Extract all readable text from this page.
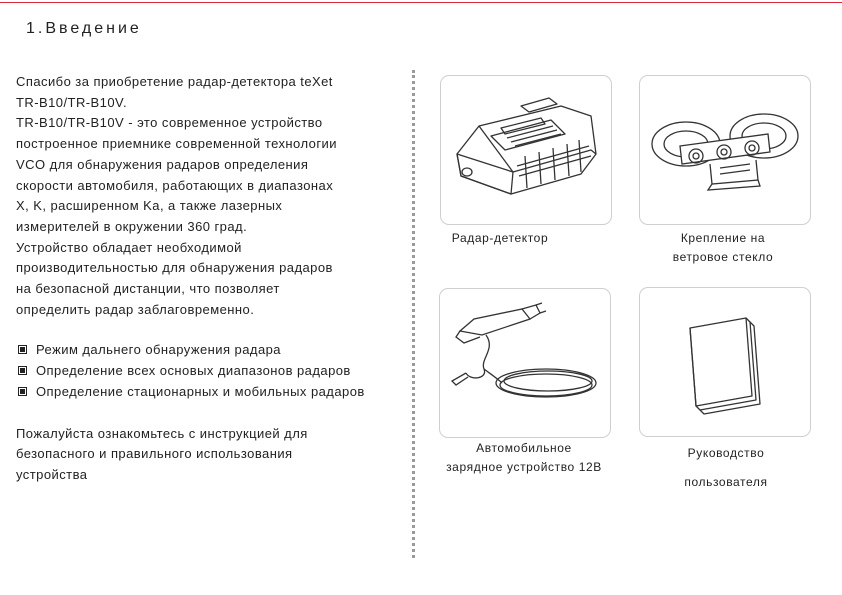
1.Введение

Спасибо за приобретение радар-детектора teXet

TR-B10/TR-B10V.

TR-B10/TR-B10V - это современное устройство

построенное приемнике современной технологии

VCO для обнаружения радаров определения

скорости автомобиля, работающих в диапазонах

X, K, расширенном Ka, а также лазерных

измерителей в окружении 360 град.

Устройство обладает необходимой

производительностью для обнаружения радаров

на безопасной дистанции, что позволяет

определить радар заблаговременно.

Режим дальнего обнаружения радара
Определение всех основых диапазонов радаров
Определение стационарных и мобильных радаров

Пожалуйста ознакомьтесь с инструкцией для

безопасного и правильного использования

устройства

Радар-детектор	Крепление на
ветровое стекло
Автомобильное
зарядное устройство 12В
Руководство
пользователя
